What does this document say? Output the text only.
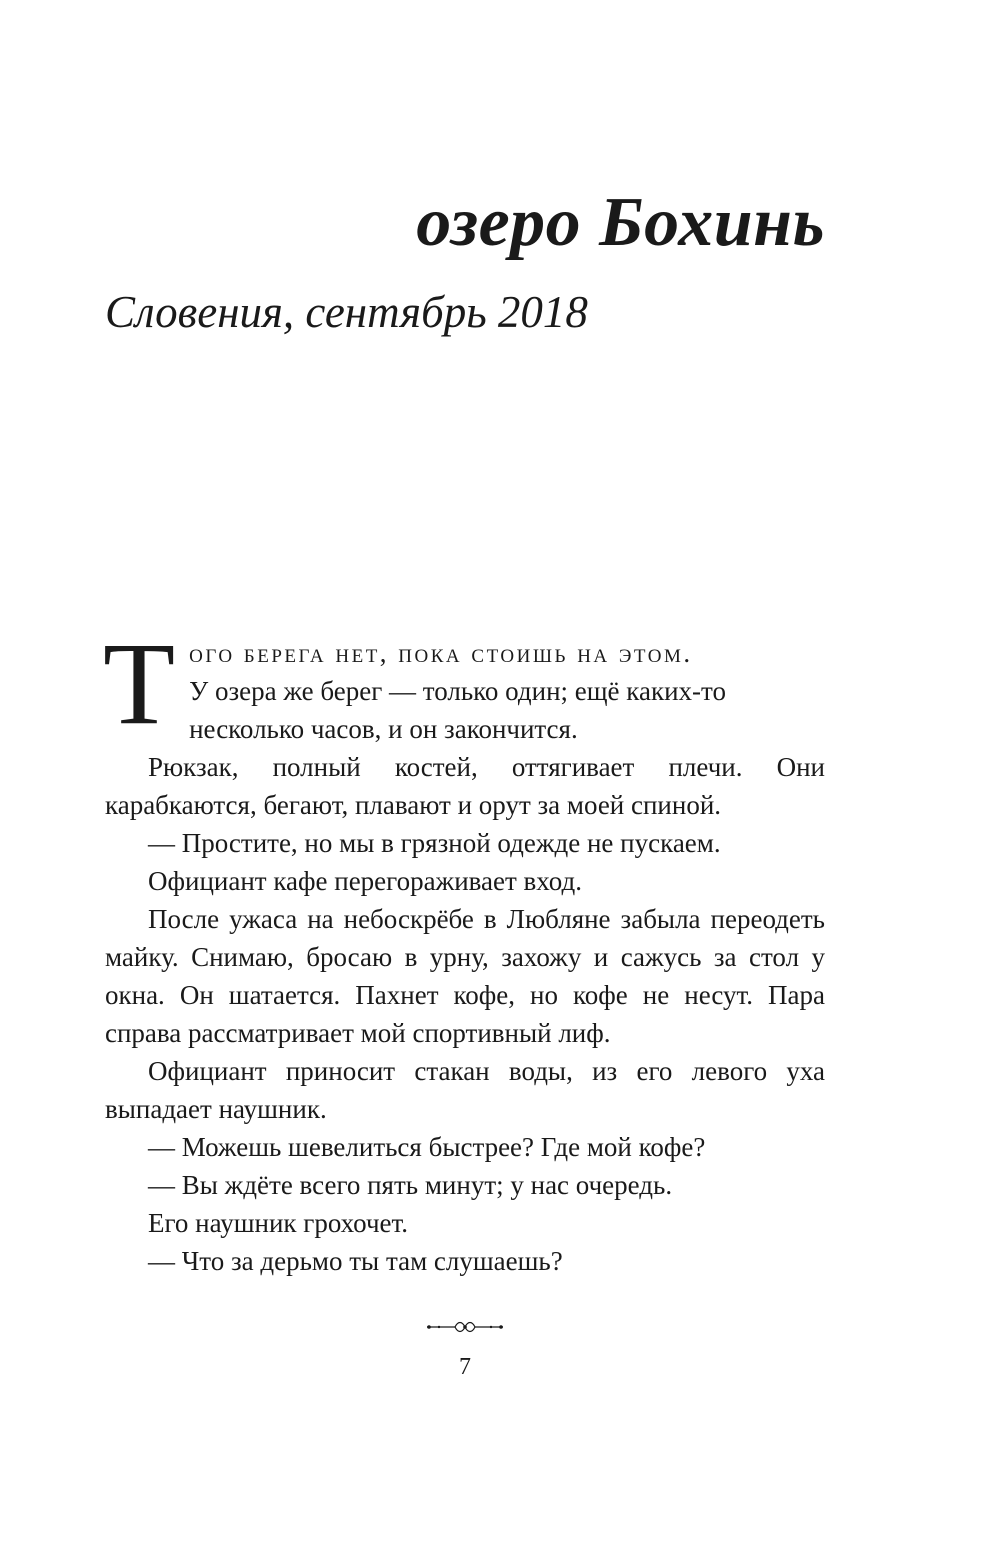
озеро Бохинь
Словения, сентябрь 2018

Того берега нет, пока стоишь на этом.
У озера же берег — только один; ещё каких-то несколько часов, и он закончится.

Рюкзак, полный костей, оттягивает плечи. Они карабкаются, бегают, плавают и орут за моей спиной.

— Простите, но мы в грязной одежде не пускаем.

Официант кафе перегораживает вход.

После ужаса на небоскрёбе в Любляне забыла переодеть майку. Снимаю, бросаю в урну, захожу и сажусь за стол у окна. Он шатается. Пахнет кофе, но кофе не несут. Пара справа рассматривает мой спортивный лиф.

Официант приносит стакан воды, из его левого уха выпадает наушник.

— Можешь шевелиться быстрее? Где мой кофе?

— Вы ждёте всего пять минут; у нас очередь.

Его наушник грохочет.

— Что за дерьмо ты там слушаешь?

7
